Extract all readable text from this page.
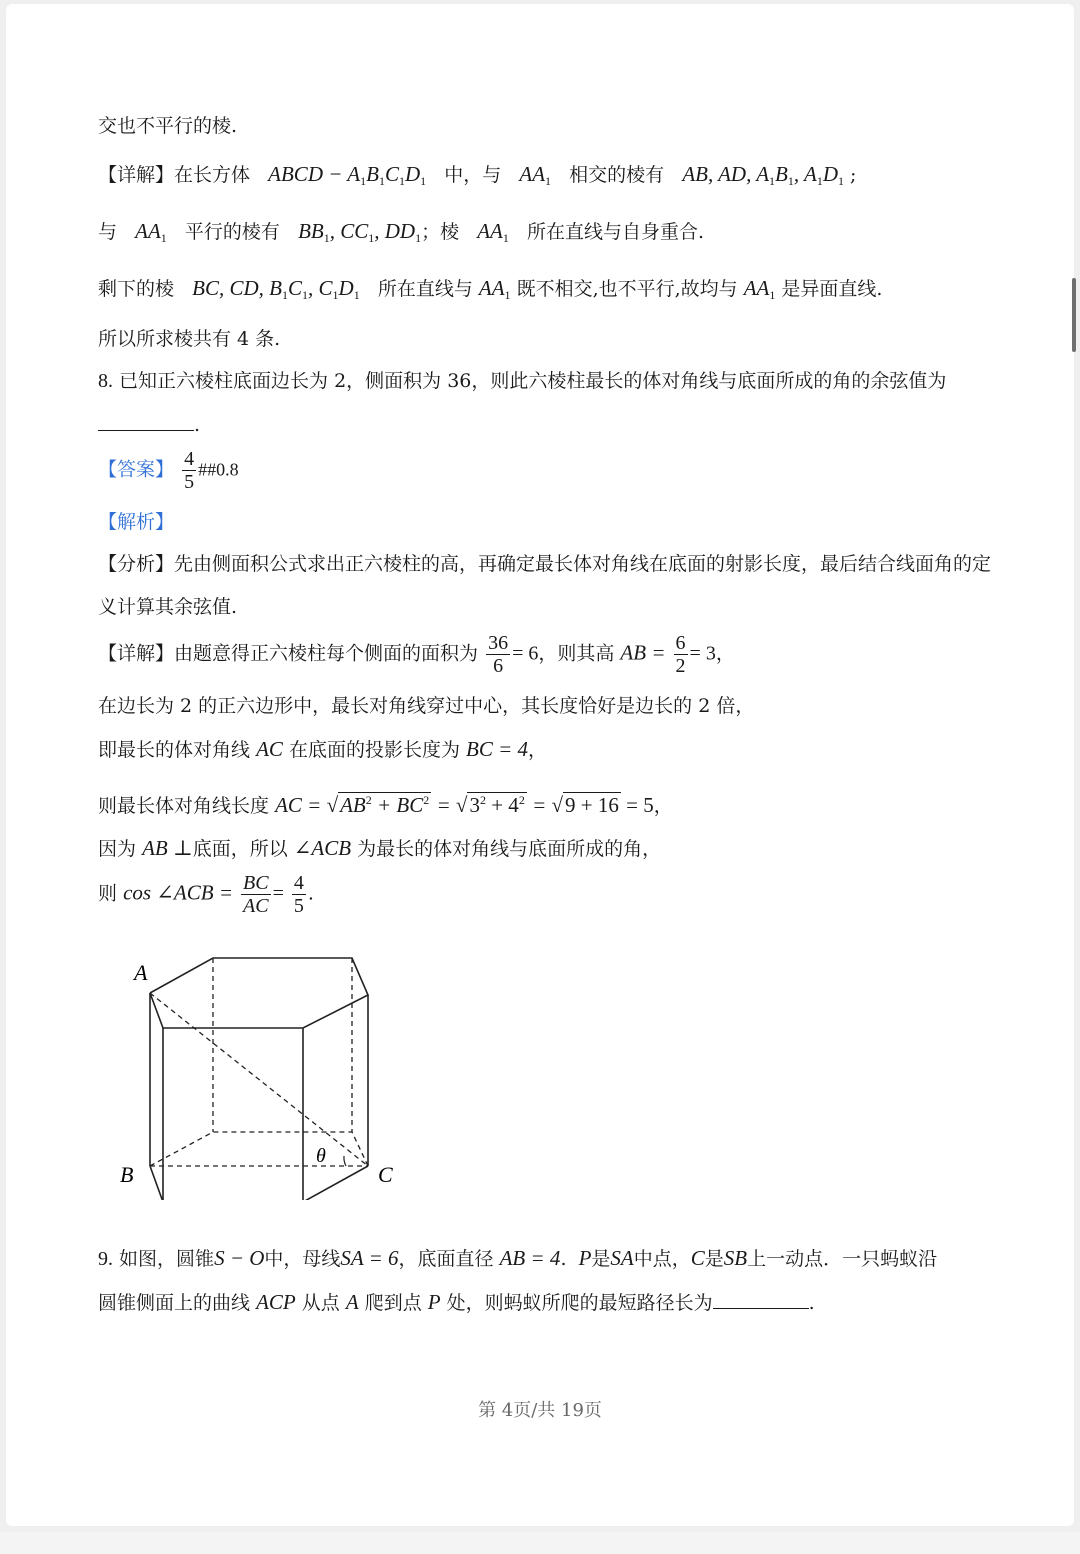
交也不平行的棱.
【详解】在长方体 ABCD − $A_1B_1C_1D_1$ 中，与 $AA_1$ 相交的棱有 AB, AD, $A_1B_1$, $A_1D_1$ ;
与 $AA_1$ 平行的棱有 $BB_1$, $CC_1$, $DD_1$；棱 $AA_1$ 所在直线与自身重合.
剩下的棱 BC, CD, $B_1C_1$, $C_1D_1$ 所在直线与 $AA_1$ 既不相交,也不平行,故均与 $AA_1$ 是异面直线.
所以所求棱共有 4 条.
8. 已知正六棱柱底面边长为 2，侧面积为 36，则此六棱柱最长的体对角线与底面所成的角的余弦值为
.
【答案】 $\frac{4}{5}$ ##0.8
【解析】
【分析】先由侧面积公式求出正六棱柱的高，再确定最长体对角线在底面的射影长度，最后结合线面角的定
义计算其余弦值.
【详解】由题意得正六棱柱每个侧面的面积为 $\frac{36}{6} = 6$，则其高 AB = $\frac{6}{2} = 3$，
在边长为 2 的正六边形中，最长对角线穿过中心，其长度恰好是边长的 2 倍，
即最长的体对角线 AC 在底面的投影长度为 BC = 4，
则最长体对角线长度 AC = $√AB^2 + BC^2 = √3^2 + 4^2 = √9 + 16 = 5$，
因为 AB ⊥底面，所以 ∠ACB 为最长的体对角线与底面所成的角，
则 cos ∠ACB = $\frac{BC}{AC} = \frac{4}{5}$ .
A
B	C
θ
9. 如图，圆锥S − O中，母线SA = 6，底面直径 AB = 4. P是SA中点，C是SB上一动点．一只蚂蚁沿
圆锥侧面上的曲线 ACP 从点 A 爬到点 P 处，则蚂蚁所爬的最短路径长为	.
第 4页/共 19页
